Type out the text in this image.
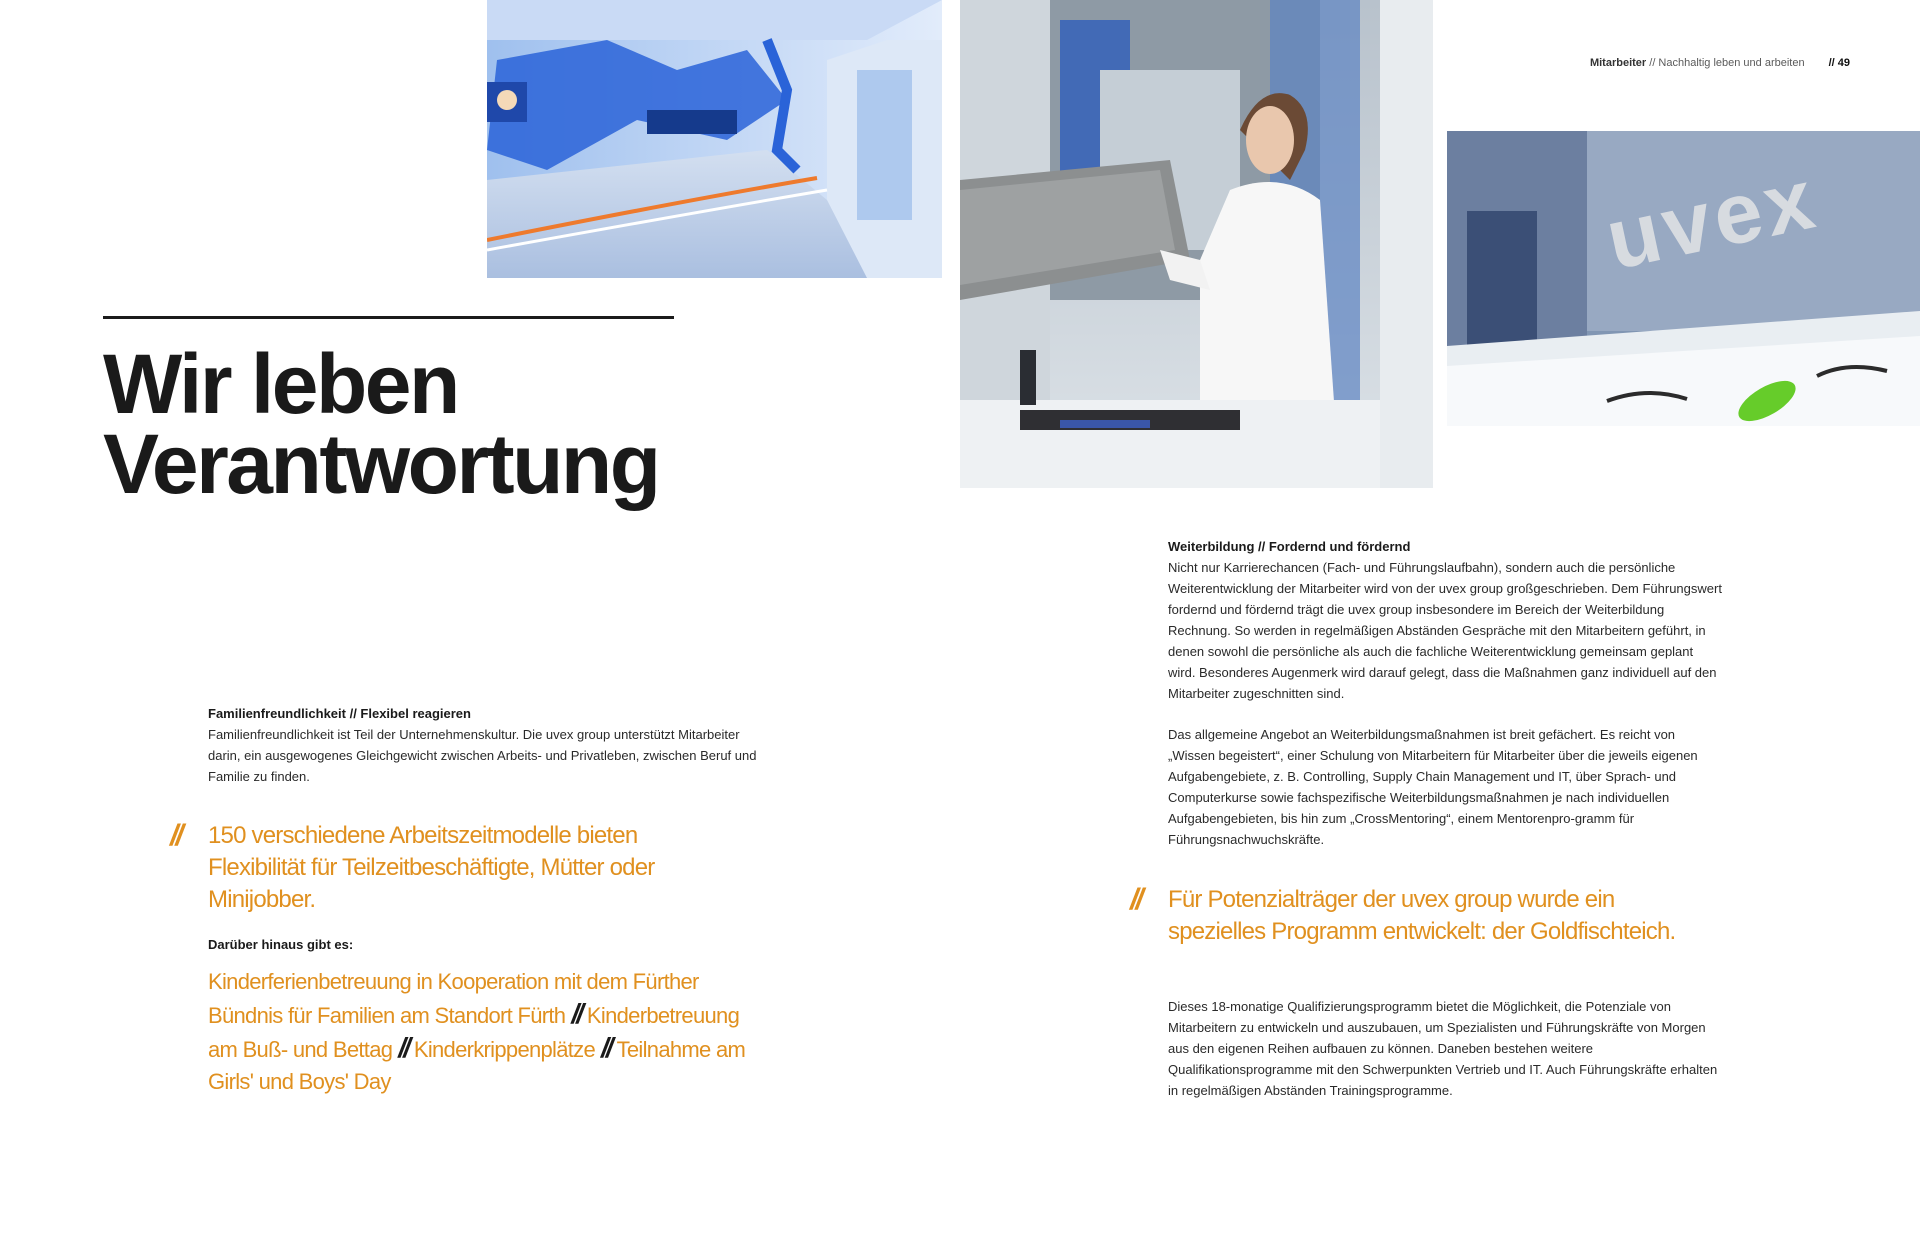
uvex
Mitarbeiter // Nachhaltig leben und arbeiten // 49
Wir leben
Verantwortung

Familienfreundlichkeit // Flexibel reagieren

Familienfreundlichkeit ist Teil der Unternehmenskultur. Die uvex group unterstützt Mitarbeiter darin, ein ausgewogenes Gleichgewicht zwischen Arbeits- und Privatleben, zwischen Beruf und Familie zu finden.

// 150 verschiedene Arbeitszeitmodelle bieten Flexibilität für Teilzeitbeschäftigte, Mütter oder Minijobber.

Darüber hinaus gibt es:

Kinderferienbetreuung in Kooperation mit dem Fürther Bündnis für Familien am Standort Fürth // Kinderbetreuung am Buß- und Bettag // Kinderkrippenplätze // Teilnahme am Girls' und Boys' Day

Weiterbildung // Fordernd und fördernd

Nicht nur Karrierechancen (Fach- und Führungslaufbahn), sondern auch die persönliche Weiterentwicklung der Mitarbeiter wird von der uvex group großgeschrieben. Dem Führungswert fordernd und fördernd trägt die uvex group insbesondere im Bereich der Weiterbildung Rechnung. So werden in regelmäßigen Abständen Gespräche mit den Mitarbeitern geführt, in denen sowohl die persönliche als auch die fachliche Weiterentwicklung gemeinsam geplant wird. Besonderes Augenmerk wird darauf gelegt, dass die Maßnahmen ganz individuell auf den Mitarbeiter zugeschnitten sind.

Das allgemeine Angebot an Weiterbildungsmaßnahmen ist breit gefächert. Es reicht von „Wissen begeistert“, einer Schulung von Mitarbeitern für Mitarbeiter über die jeweils eigenen Aufgabengebiete, z. B. Controlling, Supply Chain Management und IT, über Sprach- und Computerkurse sowie fachspezifische Weiterbildungsmaßnahmen je nach individuellen Aufgabengebieten, bis hin zum „CrossMentoring“, einem Mentorenpro-gramm für Führungsnachwuchskräfte.

// Für Potenzialträger der uvex group wurde ein spezielles Programm entwickelt: der Goldfischteich.

Dieses 18-monatige Qualifizierungsprogramm bietet die Möglichkeit, die Potenziale von Mitarbeitern zu entwickeln und auszubauen, um Spezialisten und Führungskräfte von Morgen aus den eigenen Reihen aufbauen zu können. Daneben bestehen weitere Qualifikationsprogramme mit den Schwerpunkten Vertrieb und IT. Auch Führungskräfte erhalten in regelmäßigen Abständen Trainingsprogramme.
